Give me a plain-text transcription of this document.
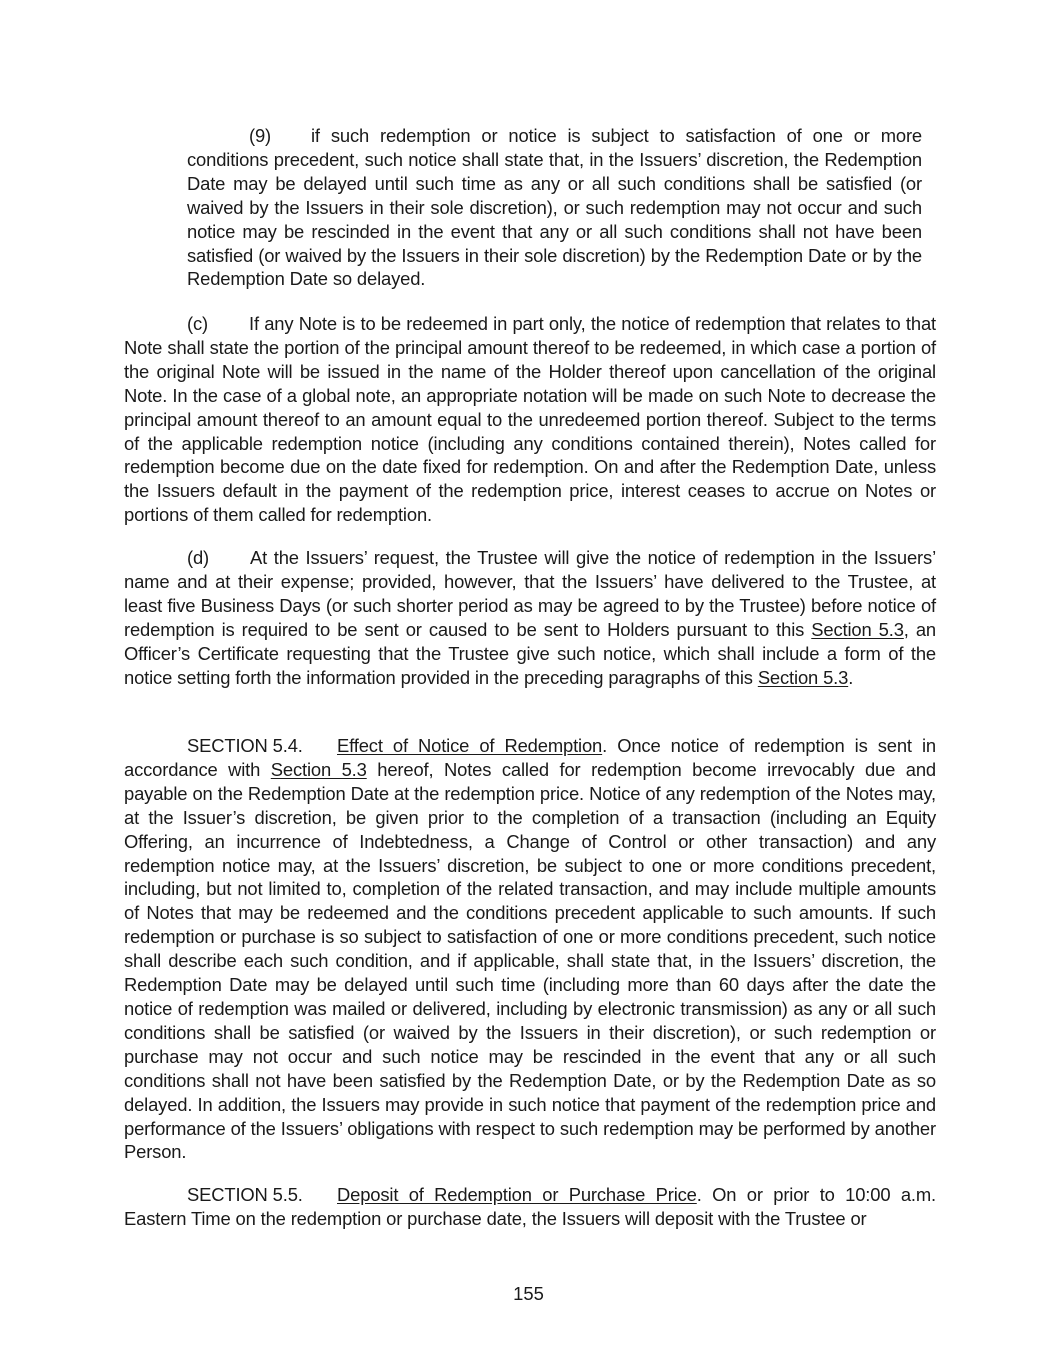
(9) if such redemption or notice is subject to satisfaction of one or more conditions precedent, such notice shall state that, in the Issuers’ discretion, the Redemption Date may be delayed until such time as any or all such conditions shall be satisfied (or waived by the Issuers in their sole discretion), or such redemption may not occur and such notice may be rescinded in the event that any or all such conditions shall not have been satisfied (or waived by the Issuers in their sole discretion) by the Redemption Date or by the Redemption Date so delayed.
(c) If any Note is to be redeemed in part only, the notice of redemption that relates to that Note shall state the portion of the principal amount thereof to be redeemed, in which case a portion of the original Note will be issued in the name of the Holder thereof upon cancellation of the original Note. In the case of a global note, an appropriate notation will be made on such Note to decrease the principal amount thereof to an amount equal to the unredeemed portion thereof. Subject to the terms of the applicable redemption notice (including any conditions contained therein), Notes called for redemption become due on the date fixed for redemption. On and after the Redemption Date, unless the Issuers default in the payment of the redemption price, interest ceases to accrue on Notes or portions of them called for redemption.
(d) At the Issuers’ request, the Trustee will give the notice of redemption in the Issuers’ name and at their expense; provided, however, that the Issuers’ have delivered to the Trustee, at least five Business Days (or such shorter period as may be agreed to by the Trustee) before notice of redemption is required to be sent or caused to be sent to Holders pursuant to this Section 5.3, an Officer’s Certificate requesting that the Trustee give such notice, which shall include a form of the notice setting forth the information provided in the preceding paragraphs of this Section 5.3.
SECTION 5.4. Effect of Notice of Redemption. Once notice of redemption is sent in accordance with Section 5.3 hereof, Notes called for redemption become irrevocably due and payable on the Redemption Date at the redemption price. Notice of any redemption of the Notes may, at the Issuer’s discretion, be given prior to the completion of a transaction (including an Equity Offering, an incurrence of Indebtedness, a Change of Control or other transaction) and any redemption notice may, at the Issuers’ discretion, be subject to one or more conditions precedent, including, but not limited to, completion of the related transaction, and may include multiple amounts of Notes that may be redeemed and the conditions precedent applicable to such amounts. If such redemption or purchase is so subject to satisfaction of one or more conditions precedent, such notice shall describe each such condition, and if applicable, shall state that, in the Issuers’ discretion, the Redemption Date may be delayed until such time (including more than 60 days after the date the notice of redemption was mailed or delivered, including by electronic transmission) as any or all such conditions shall be satisfied (or waived by the Issuers in their discretion), or such redemption or purchase may not occur and such notice may be rescinded in the event that any or all such conditions shall not have been satisfied by the Redemption Date, or by the Redemption Date as so delayed. In addition, the Issuers may provide in such notice that payment of the redemption price and performance of the Issuers’ obligations with respect to such redemption may be performed by another Person.
SECTION 5.5. Deposit of Redemption or Purchase Price. On or prior to 10:00 a.m. Eastern Time on the redemption or purchase date, the Issuers will deposit with the Trustee or
155
